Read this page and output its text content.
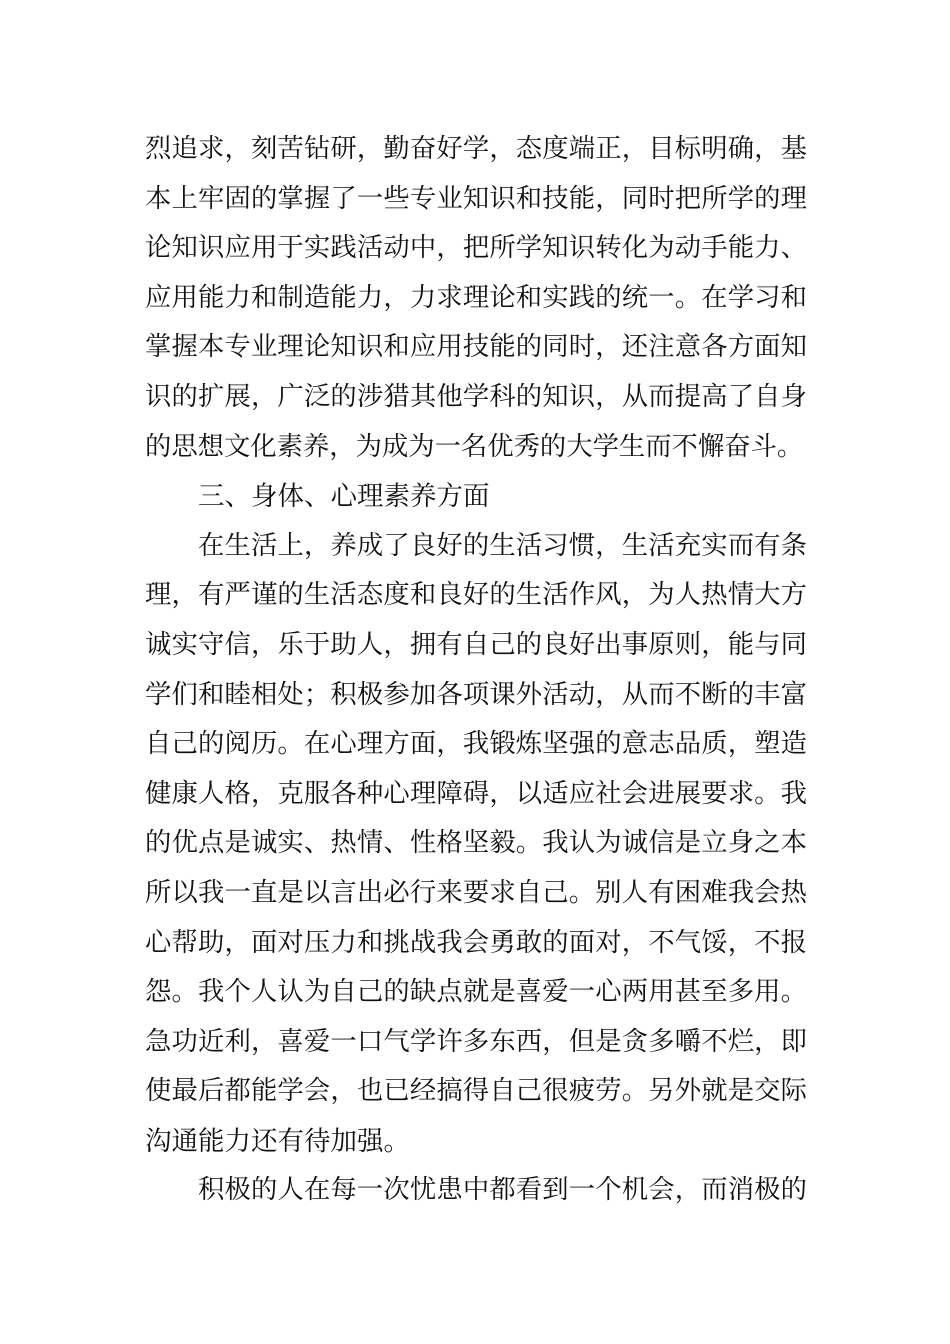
烈追求，刻苦钻研，勤奋好学，态度端正，目标明确，基
本上牢固的掌握了一些专业知识和技能，同时把所学的理
论知识应用于实践活动中，把所学知识转化为动手能力、
应用能力和制造能力，力求理论和实践的统一。在学习和
掌握本专业理论知识和应用技能的同时，还注意各方面知
识的扩展，广泛的涉猎其他学科的知识，从而提高了自身
的思想文化素养，为成为一名优秀的大学生而不懈奋斗。
三、身体、心理素养方面
在生活上，养成了良好的生活习惯，生活充实而有条
理，有严谨的生活态度和良好的生活作风，为人热情大方
诚实守信，乐于助人，拥有自己的良好出事原则，能与同
学们和睦相处；积极参加各项课外活动，从而不断的丰富
自己的阅历。在心理方面，我锻炼坚强的意志品质，塑造
健康人格，克服各种心理障碍，以适应社会进展要求。我
的优点是诚实、热情、性格坚毅。我认为诚信是立身之本
所以我一直是以言出必行来要求自己。别人有困难我会热
心帮助，面对压力和挑战我会勇敢的面对，不气馁，不报
怨。我个人认为自己的缺点就是喜爱一心两用甚至多用。
急功近利，喜爱一口气学许多东西，但是贪多嚼不烂，即
使最后都能学会，也已经搞得自己很疲劳。另外就是交际
沟通能力还有待加强。
积极的人在每一次忧患中都看到一个机会，而消极的
